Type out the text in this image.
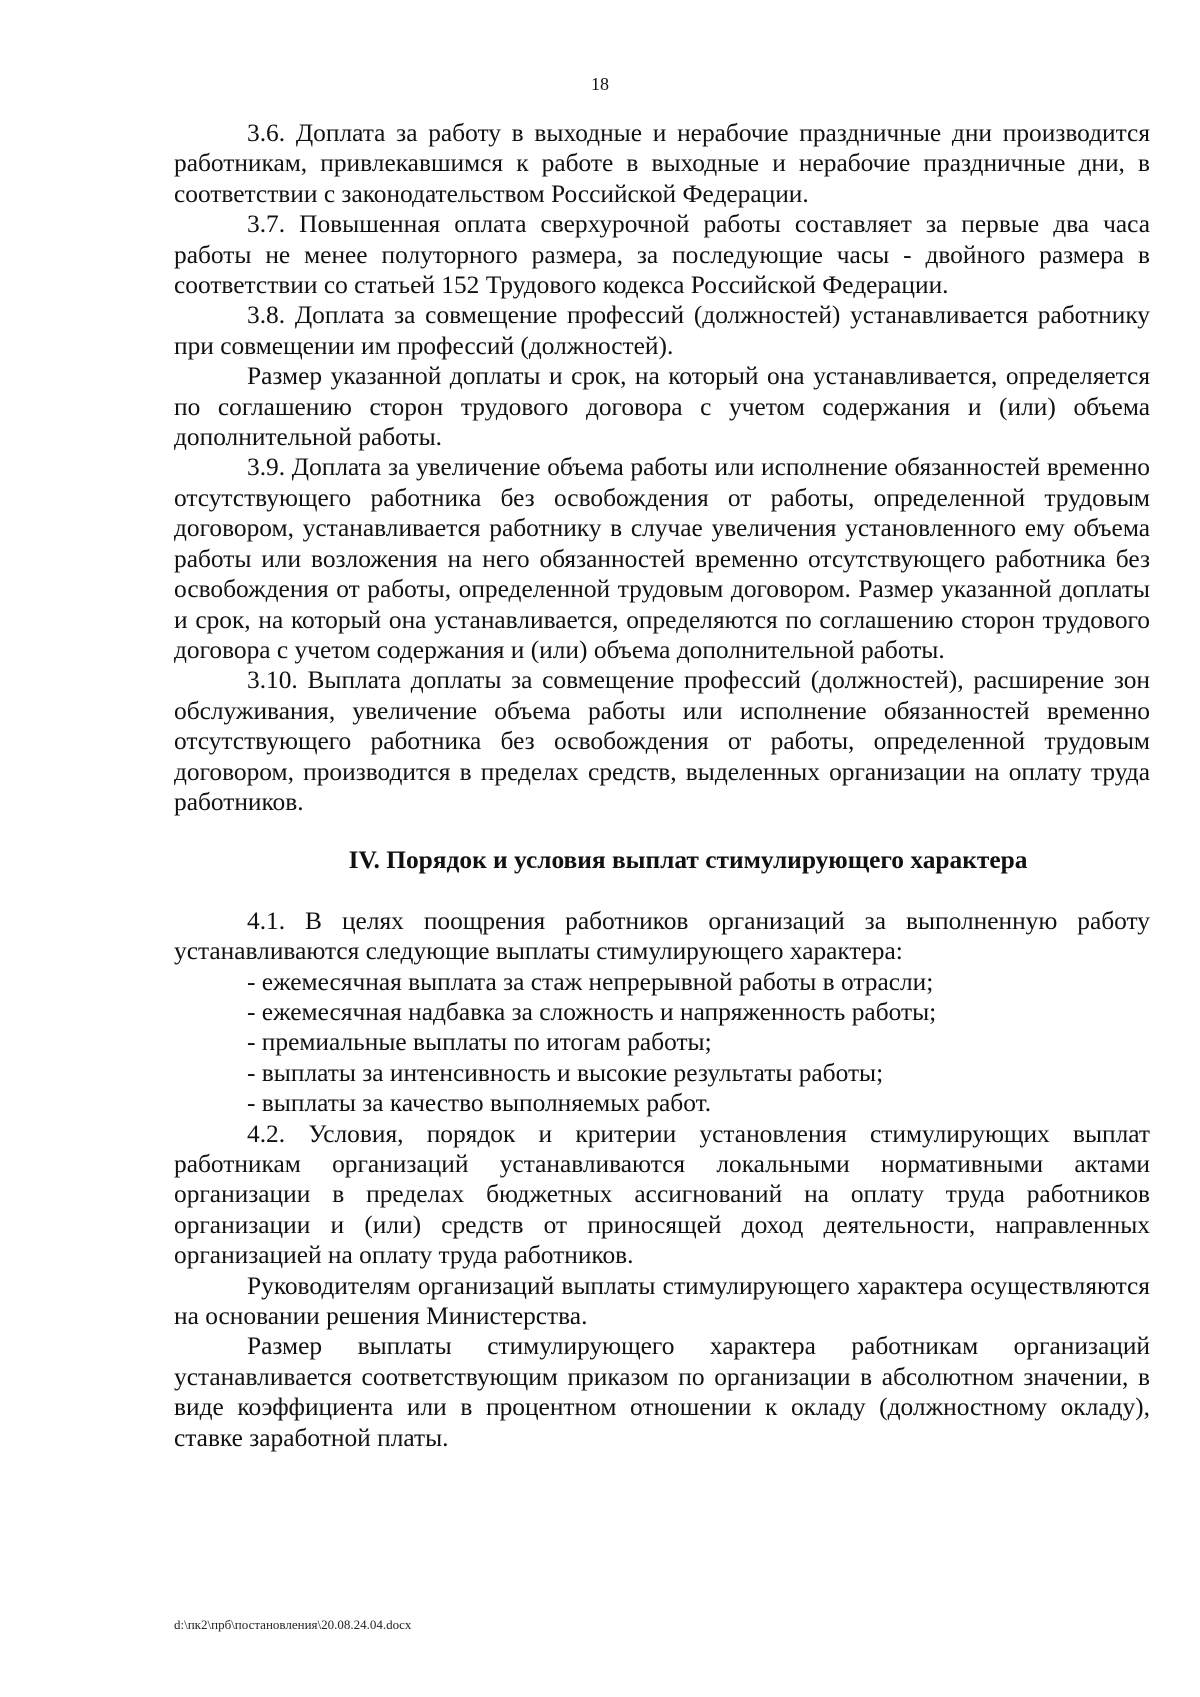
18

3.6. Доплата за работу в выходные и нерабочие праздничные дни производится работникам, привлекавшимся к работе в выходные и нерабочие праздничные дни, в соответствии с законодательством Российской Федерации.

3.7. Повышенная оплата сверхурочной работы составляет за первые два часа работы не менее полуторного размера, за последующие часы - двойного размера в соответствии со статьей 152 Трудового кодекса Российской Федерации.

3.8. Доплата за совмещение профессий (должностей) устанавливается работнику при совмещении им профессий (должностей).

Размер указанной доплаты и срок, на который она устанавливается, определяется по соглашению сторон трудового договора с учетом содержания и (или) объема дополнительной работы.

3.9. Доплата за увеличение объема работы или исполнение обязанностей временно отсутствующего работника без освобождения от работы, определенной трудовым договором, устанавливается работнику в случае увеличения установленного ему объема работы или возложения на него обязанностей временно отсутствующего работника без освобождения от работы, определенной трудовым договором. Размер указанной доплаты и срок, на который она устанавливается, определяются по соглашению сторон трудового договора с учетом содержания и (или) объема дополнительной работы.

3.10. Выплата доплаты за совмещение профессий (должностей), расширение зон обслуживания, увеличение объема работы или исполнение обязанностей временно отсутствующего работника без освобождения от работы, определенной трудовым договором, производится в пределах средств, выделенных организации на оплату труда работников.

IV. Порядок и условия выплат стимулирующего характера

4.1. В целях поощрения работников организаций за выполненную работу устанавливаются следующие выплаты стимулирующего характера:

- ежемесячная выплата за стаж непрерывной работы в отрасли;

- ежемесячная надбавка за сложность и напряженность работы;

- премиальные выплаты по итогам работы;

- выплаты за интенсивность и высокие результаты работы;

- выплаты за качество выполняемых работ.

4.2. Условия, порядок и критерии установления стимулирующих выплат работникам организаций устанавливаются локальными нормативными актами организации в пределах бюджетных ассигнований на оплату труда работников организации и (или) средств от приносящей доход деятельности, направленных организацией на оплату труда работников.

Руководителям организаций выплаты стимулирующего характера осуществляются на основании решения Министерства.

Размер выплаты стимулирующего характера работникам организаций устанавливается соответствующим приказом по организации в абсолютном значении, в виде коэффициента или в процентном отношении к окладу (должностному окладу), ставке заработной платы.

d:\пк2\прб\постановления\20.08.24.04.docx
